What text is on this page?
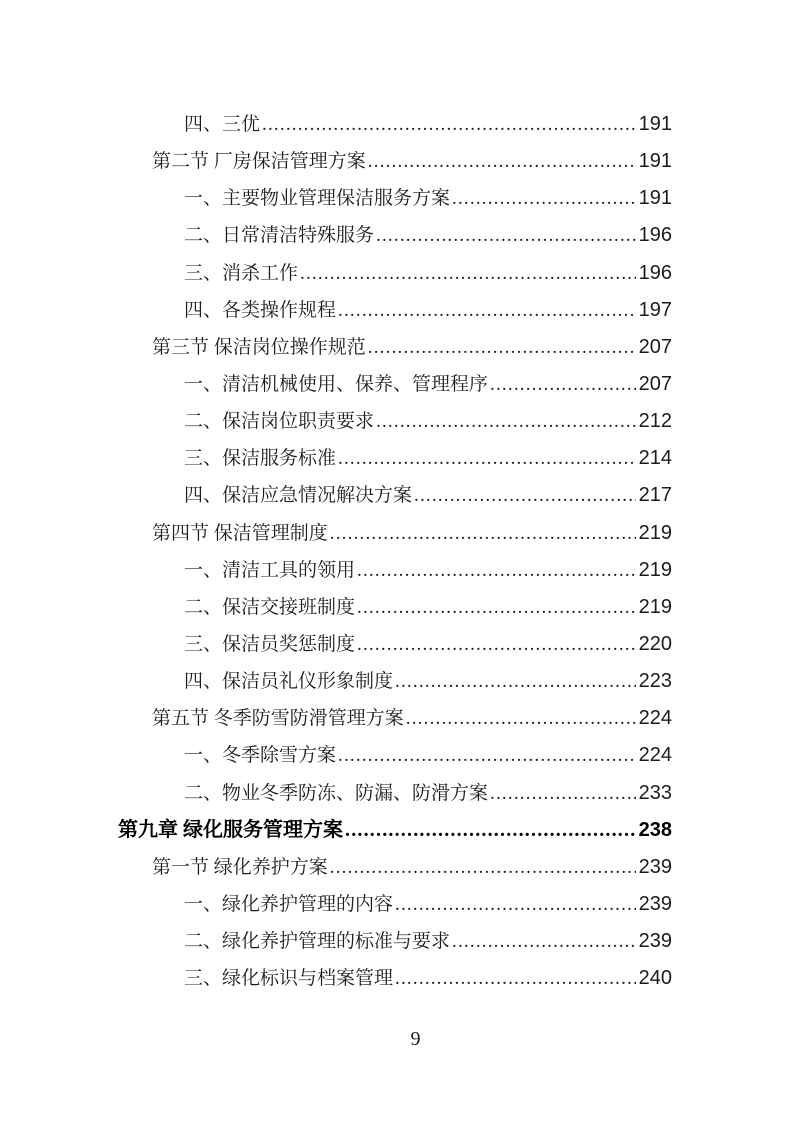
四、三优 .....	191
第二节 厂房保洁管理方案 .....	191
一、主要物业管理保洁服务方案 .....	191
二、日常清洁特殊服务 .....	196
三、消杀工作 .....	196
四、各类操作规程 .....	197
第三节 保洁岗位操作规范 .....	207
一、清洁机械使用、保养、管理程序 .....	207
二、保洁岗位职责要求 .....	212
三、保洁服务标准 .....	214
四、保洁应急情况解决方案 .....	217
第四节 保洁管理制度 .....	219
一、清洁工具的领用 .....	219
二、保洁交接班制度 .....	219
三、保洁员奖惩制度 .....	220
四、保洁员礼仪形象制度 .....	223
第五节 冬季防雪防滑管理方案 .....	224
一、冬季除雪方案 .....	224
二、物业冬季防冻、防漏、防滑方案 .....	233
第九章 绿化服务管理方案 .....	238
第一节 绿化养护方案 .....	239
一、绿化养护管理的内容 .....	239
二、绿化养护管理的标准与要求 .....	239
三、绿化标识与档案管理 .....	240
9
